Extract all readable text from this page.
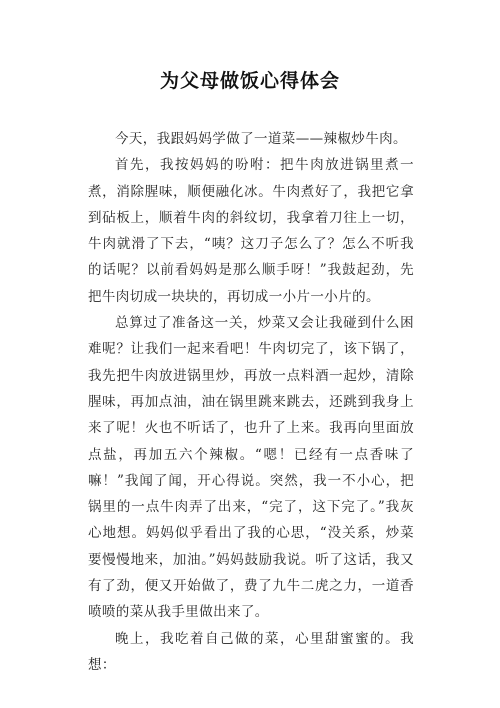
为父母做饭心得体会

今天，我跟妈妈学做了一道菜——辣椒炒牛肉。

首先，我按妈妈的吩咐：把牛肉放进锅里煮一煮，消除腥味，顺便融化冰。牛肉煮好了，我把它拿到砧板上，顺着牛肉的斜纹切，我拿着刀往上一切，牛肉就滑了下去，“咦？这刀子怎么了？怎么不听我的话呢？以前看妈妈是那么顺手呀！”我鼓起劲，先把牛肉切成一块块的，再切成一小片一小片的。

总算过了准备这一关，炒菜又会让我碰到什么困难呢？让我们一起来看吧！牛肉切完了，该下锅了，我先把牛肉放进锅里炒，再放一点料酒一起炒，清除腥味，再加点油，油在锅里跳来跳去，还跳到我身上来了呢！火也不听话了，也升了上来。我再向里面放点盐，再加五六个辣椒。“嗯！已经有一点香味了嘛！”我闻了闻，开心得说。突然，我一不小心，把锅里的一点牛肉弄了出来，“完了，这下完了。”我灰心地想。妈妈似乎看出了我的心思，“没关系，炒菜要慢慢地来，加油。”妈妈鼓励我说。听了这话，我又有了劲，便又开始做了，费了九牛二虎之力，一道香喷喷的菜从我手里做出来了。

晚上，我吃着自己做的菜，心里甜蜜蜜的。我想：
